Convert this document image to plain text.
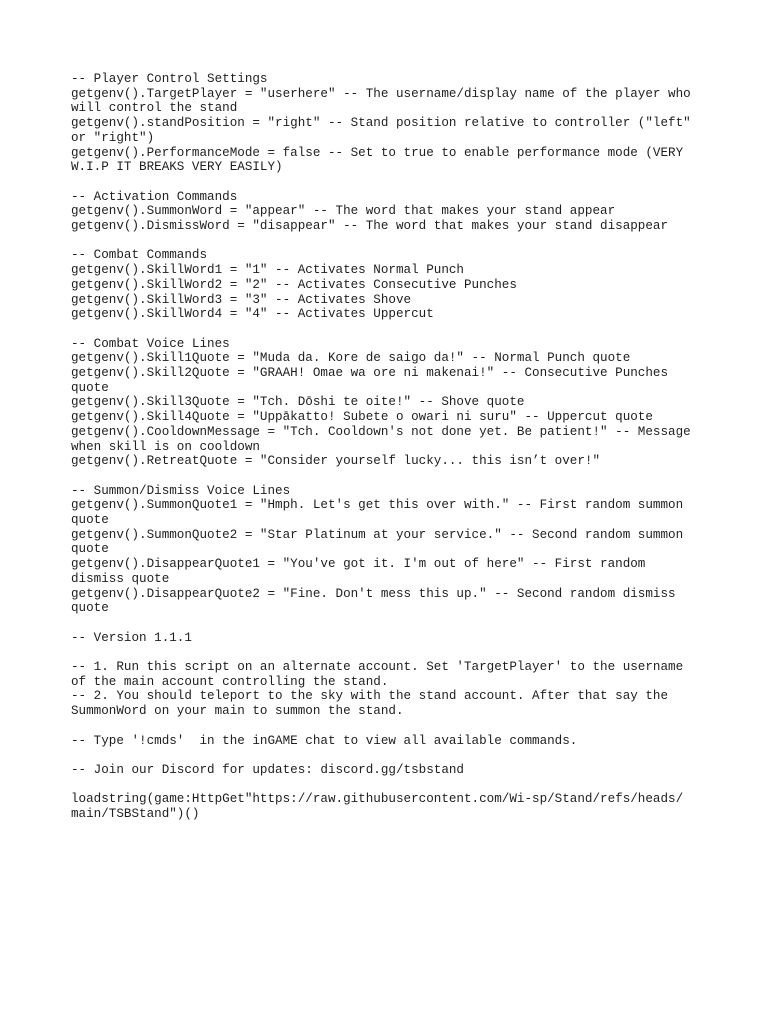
-- Player Control Settings
getgenv().TargetPlayer = "userhere" -- The username/display name of the player who
will control the stand
getgenv().standPosition = "right" -- Stand position relative to controller ("left"
or "right")
getgenv().PerformanceMode = false -- Set to true to enable performance mode (VERY
W.I.P IT BREAKS VERY EASILY)
-- Activation Commands
getgenv().SummonWord = "appear" -- The word that makes your stand appear
getgenv().DismissWord = "disappear" -- The word that makes your stand disappear
-- Combat Commands
getgenv().SkillWord1 = "1" -- Activates Normal Punch
getgenv().SkillWord2 = "2" -- Activates Consecutive Punches
getgenv().SkillWord3 = "3" -- Activates Shove
getgenv().SkillWord4 = "4" -- Activates Uppercut
-- Combat Voice Lines
getgenv().Skill1Quote = "Muda da. Kore de saigo da!" -- Normal Punch quote
getgenv().Skill2Quote = "GRAAH! Omae wa ore ni makenai!" -- Consecutive Punches
quote
getgenv().Skill3Quote = "Tch. Dōshi te oite!" -- Shove quote
getgenv().Skill4Quote = "Uppākatto! Subete o owari ni suru" -- Uppercut quote
getgenv().CooldownMessage = "Tch. Cooldown's not done yet. Be patient!" -- Message
when skill is on cooldown
getgenv().RetreatQuote = "Consider yourself lucky... this isn’t over!"
-- Summon/Dismiss Voice Lines
getgenv().SummonQuote1 = "Hmph. Let's get this over with." -- First random summon
quote
getgenv().SummonQuote2 = "Star Platinum at your service." -- Second random summon
quote
getgenv().DisappearQuote1 = "You've got it. I'm out of here" -- First random
dismiss quote
getgenv().DisappearQuote2 = "Fine. Don't mess this up." -- Second random dismiss
quote
-- Version 1.1.1
-- 1. Run this script on an alternate account. Set 'TargetPlayer' to the username
of the main account controlling the stand.
-- 2. You should teleport to the sky with the stand account. After that say the
SummonWord on your main to summon the stand.
-- Type '!cmds'  in the inGAME chat to view all available commands.
-- Join our Discord for updates: discord.gg/tsbstand
loadstring(game:HttpGet"https://raw.githubusercontent.com/Wi-sp/Stand/refs/heads/
main/TSBStand")()
